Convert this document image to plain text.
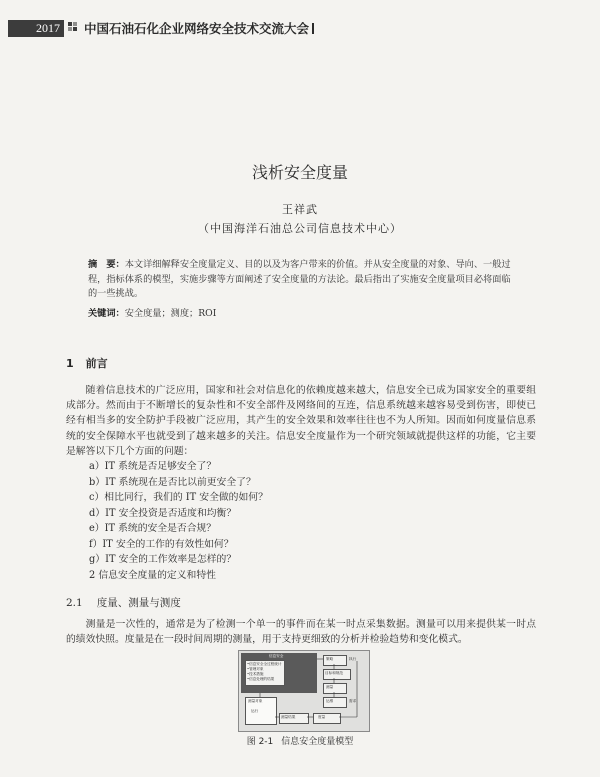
2017	中国石油石化企业网络安全技术交流大会
浅析安全度量
王祥武
（中国海洋石油总公司信息技术中心）
摘　要：本文详细解释安全度量定义、目的以及为客户带来的价值。并从安全度量的对象、导向、一般过程，指标体系的模型，实施步骤等方面阐述了安全度量的方法论。最后指出了实施安全度量项目必将面临的一些挑战。
关键词：安全度量；测度；ROI
1 前言
随着信息技术的广泛应用，国家和社会对信息化的依赖度越来越大，信息安全已成为国家安全的重要组成部分。然而由于不断增长的复杂性和不安全部件及网络间的互连，信息系统越来越容易受到伤害，即使已经有相当多的安全防护手段被广泛应用，其产生的安全效果和效率往往也不为人所知。因而如何度量信息系统的安全保障水平也就受到了越来越多的关注。信息安全度量作为一个研究领域就提供这样的功能，它主要是解答以下几个方面的问题：
a）IT 系统是否足够安全了？
b）IT 系统现在是否比以前更安全了？
c）相比同行，我们的 IT 安全做的如何？
d）IT 安全投资是否适度和均衡？
e）IT 系统的安全是否合规？
f）IT 安全的工作的有效性如何？
g）IT 安全的工作效率是怎样的？
2 信息安全度量的定义和特性
2.1 度量、测量与测度
测量是一次性的，通常是为了检测一个单一的事件而在某一时点采集数据。测量可以用来提供某一时点的绩效快照。度量是在一段时间周期的测量，用于支持更细致的分析并检验趋势和变化模式。
信息安全
•信息安全全过程统计
•管理对象
•技术措施
•信息处理的结果
策略	执行
目标和规范
测量
运维	需求
测量对象
运行
测量结果	度量
图 2-1 信息安全度量模型
